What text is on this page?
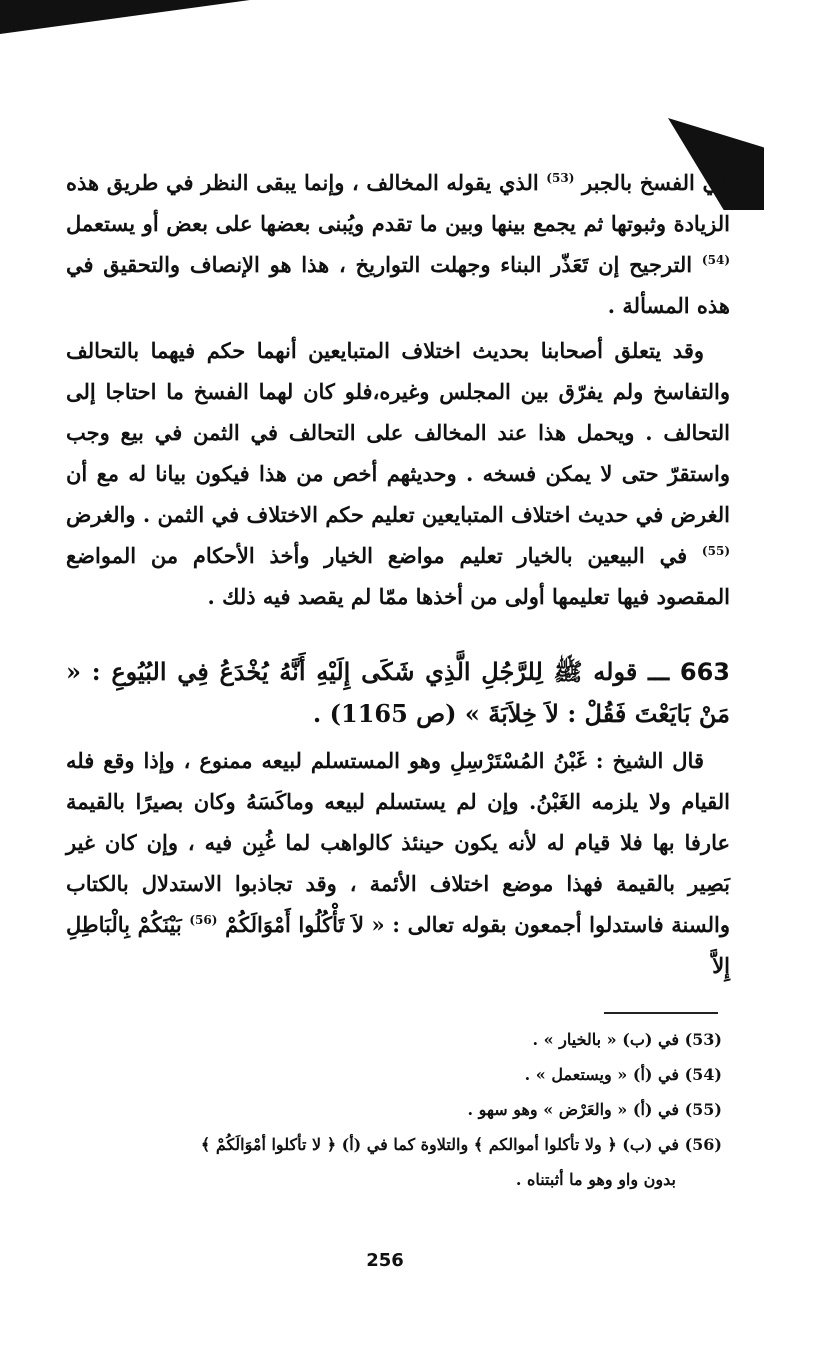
في الفسخ بالجبر $^{(53)}$ الذي يقوله المخالف ، وإنما يبقى النظر في طريق هذه الزيادة وثبوتها ثم يجمع بينها وبين ما تقدم ويُبنى بعضها على بعض أو يستعمل $^{(54)}$ الترجيح إن تَعَذّر البناء وجهلت التواريخ ، هذا هو الإنصاف والتحقيق في هذه المسألة .

وقد يتعلق أصحابنا بحديث اختلاف المتبايعين أنهما حكم فيهما بالتحالف والتفاسخ ولم يفرّق بين المجلس وغيره،فلو كان لهما الفسخ ما احتاجا إلى التحالف . ويحمل هذا عند المخالف على التحالف في الثمن في بيع وجب واستقرّ حتى لا يمكن فسخه . وحديثهم أخص من هذا فيكون بيانا له مع أن الغرض في حديث اختلاف المتبايعين تعليم حكم الاختلاف في الثمن . والغرض $^{(55)}$ في البيعين بالخيار تعليم مواضع الخيار وأخذ الأحكام من المواضع المقصود فيها تعليمها أولى من أخذها ممّا لم يقصد فيه ذلك .

663 ـــ قوله ﷺ لِلرَّجُلِ الَّذِي شَكَى إِلَيْهِ أَنَّهُ يُخْدَعُ فِي البُيُوعِ : « مَنْ بَايَعْتَ فَقُلْ : لاَ خِلاَبَةَ » (ص 1165) .

قال الشيخ : غَبْنُ المُسْتَرْسِلِ وهو المستسلم لبيعه ممنوع ، وإذا وقع فله القيام ولا يلزمه الغَبْنُ. وإن لم يستسلم لبيعه وماكَسَهُ وكان بصيرًا بالقيمة عارفا بها فلا قيام له لأنه يكون حينئذ كالواهب لما غُبِن فيه ، وإن كان غير بَصِير بالقيمة فهذا موضع اختلاف الأئمة ، وقد تجاذبوا الاستدلال بالكتاب والسنة فاستدلوا أجمعون بقوله تعالى : « لاَ تَأْكُلُوا أَمْوَالَكُمْ $^{(56)}$ بَيْنَكُمْ بِالْبَاطِلِ إِلاَّ

(53) في (ب) « بالخيار » .
(54) في (أ) « ويستعمل » .
(55) في (أ) « والعَرْض » وهو سهو .
(56) في (ب) ﴿ ولا تأكلوا أموالكم ﴾ والتلاوة كما في (أ) ﴿ لا تأكلوا أمْوَالَكُمْ ﴾
بدون واو وهو ما أثبتناه .
256
